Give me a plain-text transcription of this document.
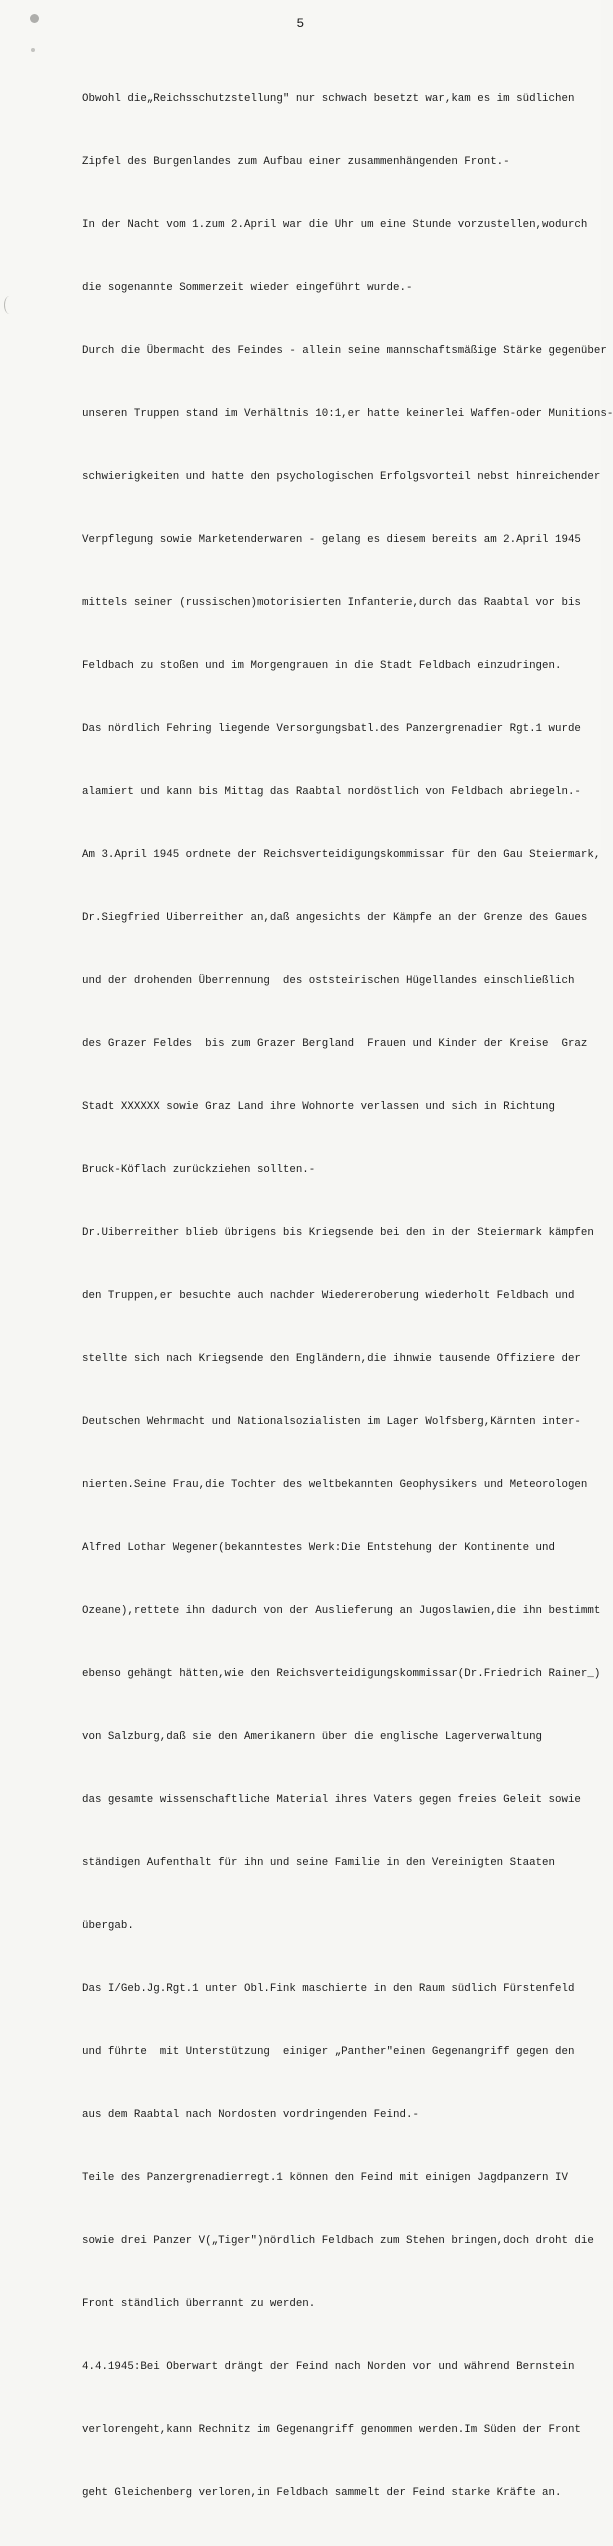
5

Obwohl die„Reichsschutzstellung" nur schwach besetzt war,kam es im südlichen

Zipfel des Burgenlandes zum Aufbau einer zusammenhängenden Front.-

In der Nacht vom 1.zum 2.April war die Uhr um eine Stunde vorzustellen,wodurch

die sogenannte Sommerzeit wieder eingeführt wurde.-

Durch die Übermacht des Feindes - allein seine mannschaftsmäßige Stärke gegenüber

unseren Truppen stand im Verhältnis 10:1,er hatte keinerlei Waffen-oder Munitions-

schwierigkeiten und hatte den psychologischen Erfolgsvorteil nebst hinreichender

Verpflegung sowie Marketenderwaren - gelang es diesem bereits am 2.April 1945

mittels seiner (russischen)motorisierten Infanterie,durch das Raabtal vor bis

Feldbach zu stoßen und im Morgengrauen in die Stadt Feldbach einzudringen.

Das nördlich Fehring liegende Versorgungsbatl.des Panzergrenadier Rgt.1 wurde

alamiert und kann bis Mittag das Raabtal nordöstlich von Feldbach abriegeln.-

Am 3.April 1945 ordnete der Reichsverteidigungskommissar für den Gau Steiermark,

Dr.Siegfried Uiberreither an,daß angesichts der Kämpfe an der Grenze des Gaues

und der drohenden Überrennung  des oststeirischen Hügellandes einschließlich

des Grazer Feldes  bis zum Grazer Bergland  Frauen und Kinder der Kreise  Graz

Stadt XXXXXX sowie Graz Land ihre Wohnorte verlassen und sich in Richtung

Bruck-Köflach zurückziehen sollten.-

Dr.Uiberreither blieb übrigens bis Kriegsende bei den in der Steiermark kämpfen

den Truppen,er besuchte auch nachder Wiedereroberung wiederholt Feldbach und

stellte sich nach Kriegsende den Engländern,die ihnwie tausende Offiziere der

Deutschen Wehrmacht und Nationalsozialisten im Lager Wolfsberg,Kärnten inter-

nierten.Seine Frau,die Tochter des weltbekannten Geophysikers und Meteorologen

Alfred Lothar Wegener(bekanntestes Werk:Die Entstehung der Kontinente und

Ozeane),rettete ihn dadurch von der Auslieferung an Jugoslawien,die ihn bestimmt

ebenso gehängt hätten,wie den Reichsverteidigungskommissar(Dr.Friedrich Rainer_)

von Salzburg,daß sie den Amerikanern über die englische Lagerverwaltung

das gesamte wissenschaftliche Material ihres Vaters gegen freies Geleit sowie

ständigen Aufenthalt für ihn und seine Familie in den Vereinigten Staaten

übergab.

Das I/Geb.Jg.Rgt.1 unter Obl.Fink maschierte in den Raum südlich Fürstenfeld

und führte  mit Unterstützung  einiger „Panther"einen Gegenangriff gegen den

aus dem Raabtal nach Nordosten vordringenden Feind.-

Teile des Panzergrenadierregt.1 können den Feind mit einigen Jagdpanzern IV

sowie drei Panzer V(„Tiger")nördlich Feldbach zum Stehen bringen,doch droht die

Front ständlich überrannt zu werden.

4.4.1945:Bei Oberwart drängt der Feind nach Norden vor und während Bernstein

verlorengeht,kann Rechnitz im Gegenangriff genommen werden.Im Süden der Front

geht Gleichenberg verloren,in Feldbach sammelt der Feind starke Kräfte an.
